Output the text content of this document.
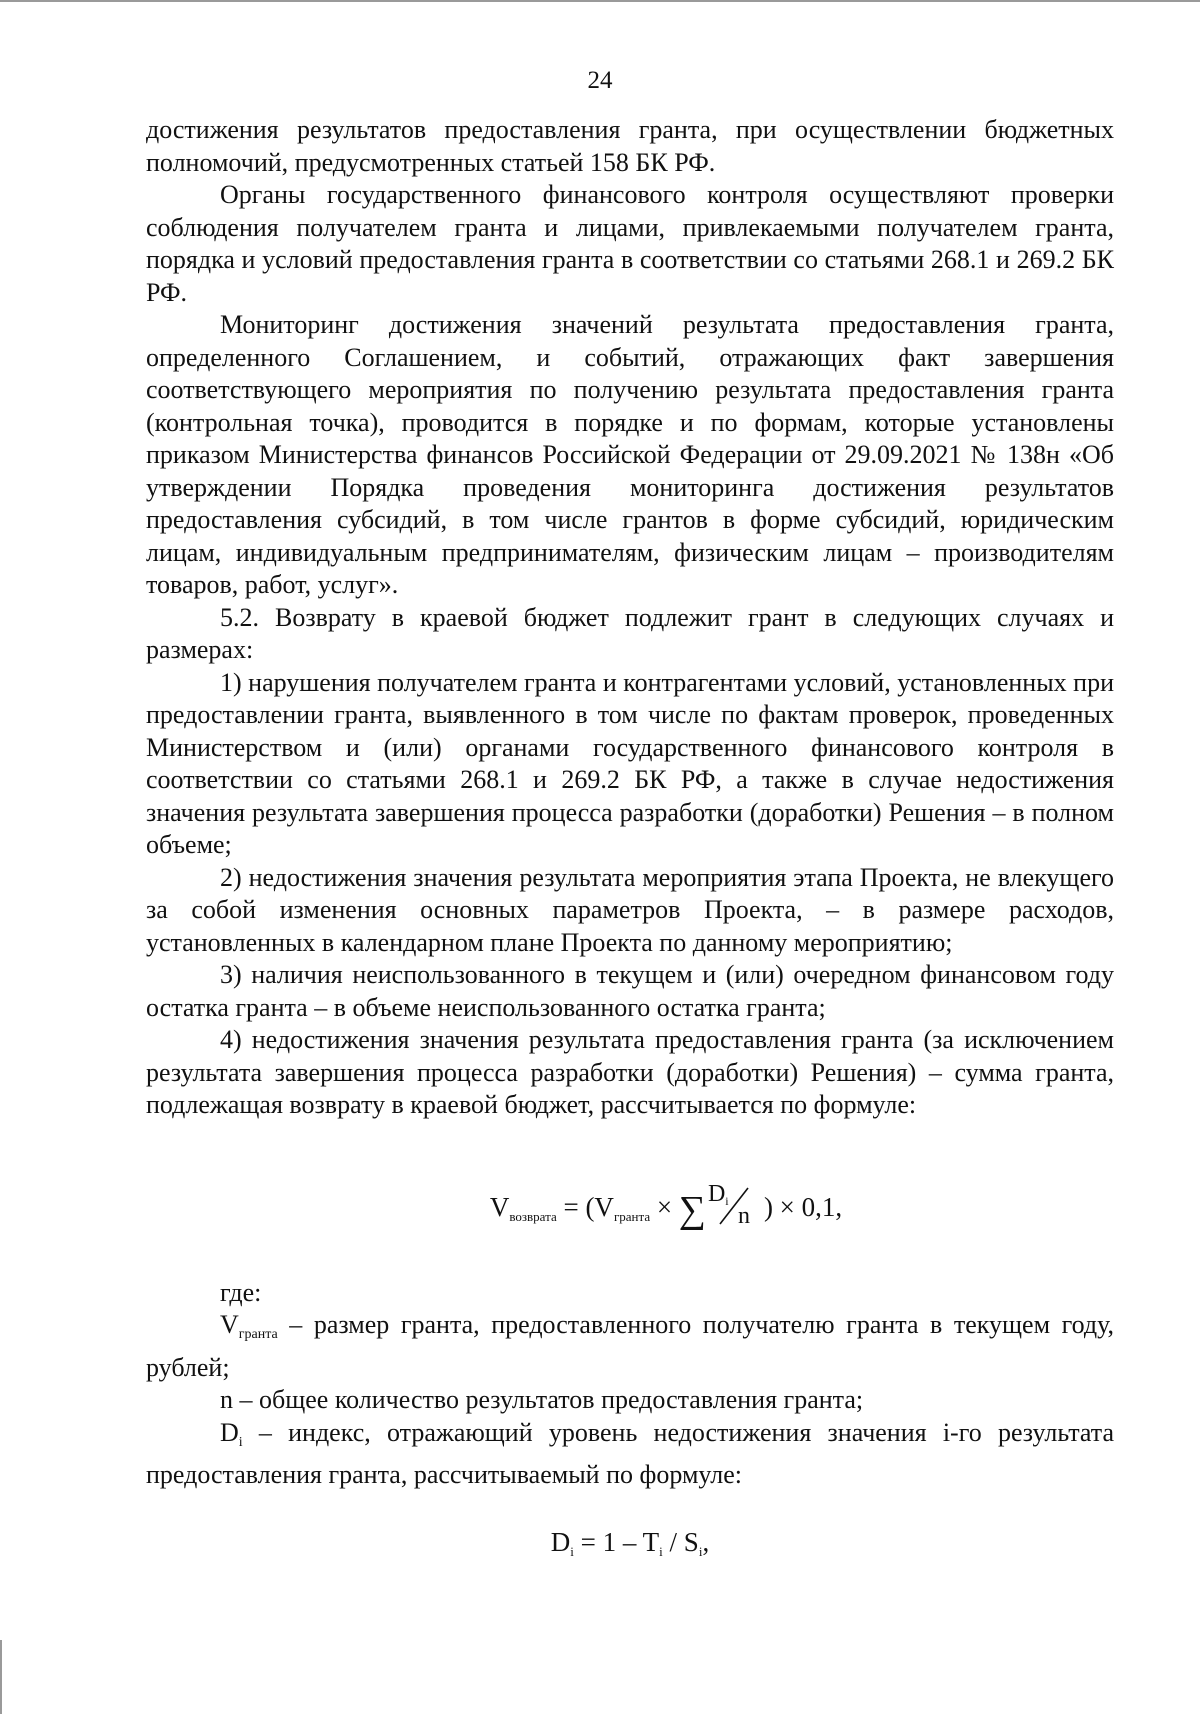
24

достижения результатов предоставления гранта, при осуществлении бюджетных полномочий, предусмотренных статьей 158 БК РФ.

Органы государственного финансового контроля осуществляют проверки соблюдения получателем гранта и лицами, привлекаемыми получателем гранта, порядка и условий предоставления гранта в соответствии со статьями 268.1 и 269.2 БК РФ.

Мониторинг достижения значений результата предоставления гранта, определенного Соглашением, и событий, отражающих факт завершения соответствующего мероприятия по получению результата предоставления гранта (контрольная точка), проводится в порядке и по формам, которые установлены приказом Министерства финансов Российской Федерации от 29.09.2021 № 138н «Об утверждении Порядка проведения мониторинга достижения результатов предоставления субсидий, в том числе грантов в форме субсидий, юридическим лицам, индивидуальным предпринимателям, физическим лицам – производителям товаров, работ, услуг».

5.2. Возврату в краевой бюджет подлежит грант в следующих случаях и размерах:

1) нарушения получателем гранта и контрагентами условий, установленных при предоставлении гранта, выявленного в том числе по фактам проверок, проведенных Министерством и (или) органами государственного финансового контроля в соответствии со статьями 268.1 и 269.2 БК РФ, а также в случае недостижения значения результата завершения процесса разработки (доработки) Решения – в полном объеме;

2) недостижения значения результата мероприятия этапа Проекта, не влекущего за собой изменения основных параметров Проекта, – в размере расходов, установленных в календарном плане Проекта по данному мероприятию;

3) наличия неиспользованного в текущем и (или) очередном финансовом году остатка гранта – в объеме неиспользованного остатка гранта;

4) недостижения значения результата предоставления гранта (за исключением результата завершения процесса разработки (доработки) Решения) – сумма гранта, подлежащая возврату в краевой бюджет, рассчитывается по формуле:

$V_{возврата} = (V_{гранта}$ × ∑ $D_i$
n ) × 0,1,

где:

Vгранта – размер гранта, предоставленного получателю гранта в текущем году, рублей;

n – общее количество результатов предоставления гранта;

Di – индекс, отражающий уровень недостижения значения i-го результата предоставления гранта, рассчитываемый по формуле:

$D_i = 1 - T_i / S_i$,
